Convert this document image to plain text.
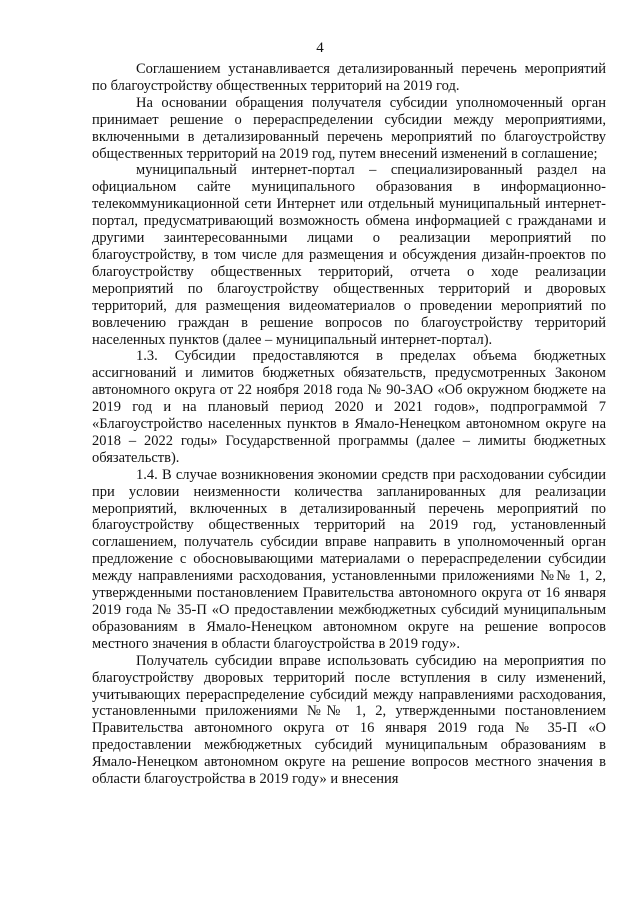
4

Соглашением устанавливается детализированный перечень мероприятий по благоустройству общественных территорий на 2019 год.

На основании обращения получателя субсидии уполномоченный орган принимает решение о перераспределении субсидии между мероприятиями, включенными в детализированный перечень мероприятий по благоустройству общественных территорий на 2019 год, путем внесений изменений в соглашение;

муниципальный интернет-портал – специализированный раздел на официальном сайте муниципального образования в информационно-телекоммуникационной сети Интернет или отдельный муниципальный интернет-портал, предусматривающий возможность обмена информацией с гражданами и другими заинтересованными лицами о реализации мероприятий по благоустройству, в том числе для размещения и обсуждения дизайн-проектов по благоустройству общественных территорий, отчета о ходе реализации мероприятий по благоустройству общественных территорий и дворовых территорий, для размещения видеоматериалов о проведении мероприятий по вовлечению граждан в решение вопросов по благоустройству территорий населенных пунктов (далее – муниципальный интернет-портал).

1.3. Субсидии предоставляются в пределах объема бюджетных ассигнований и лимитов бюджетных обязательств, предусмотренных Законом автономного округа от 22 ноября 2018 года № 90-ЗАО «Об окружном бюджете на 2019 год и на плановый период 2020 и 2021 годов», подпрограммой 7 «Благоустройство населенных пунктов в Ямало-Ненецком автономном округе на 2018 – 2022 годы» Государственной программы (далее – лимиты бюджетных обязательств).

1.4. В случае возникновения экономии средств при расходовании субсидии при условии неизменности количества запланированных для реализации мероприятий, включенных в детализированный перечень мероприятий по благоустройству общественных территорий на 2019 год, установленный соглашением, получатель субсидии вправе направить в уполномоченный орган предложение с обосновывающими материалами о перераспределении субсидии между направлениями расходования, установленными приложениями №№ 1, 2, утвержденными постановлением Правительства автономного округа от 16 января 2019 года № 35-П «О предоставлении межбюджетных субсидий муниципальным образованиям в Ямало-Ненецком автономном округе на решение вопросов местного значения в области благоустройства в 2019 году».

Получатель субсидии вправе использовать субсидию на мероприятия по благоустройству дворовых территорий после вступления в силу изменений, учитывающих перераспределение субсидий между направлениями расходования, установленными приложениями №№ 1, 2, утвержденными постановлением Правительства автономного округа от 16 января 2019 года № 35-П «О предоставлении межбюджетных субсидий муниципальным образованиям в Ямало-Ненецком автономном округе на решение вопросов местного значения в области благоустройства в 2019 году» и внесения
